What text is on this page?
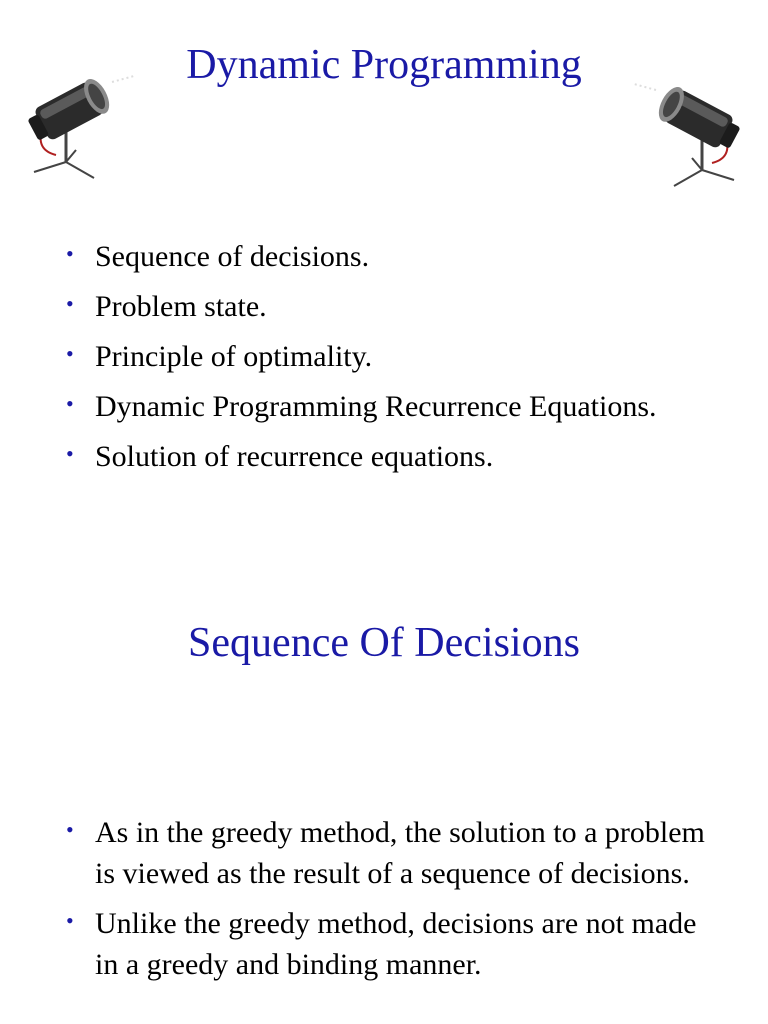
Dynamic Programming
• Sequence of decisions.
• Problem state.
• Principle of optimality.
• Dynamic Programming Recurrence Equations.
• Solution of recurrence equations.
Sequence Of Decisions
• As in the greedy method, the solution to a problem is viewed as the result of a sequence of decisions.
• Unlike the greedy method, decisions are not made in a greedy and binding manner.
